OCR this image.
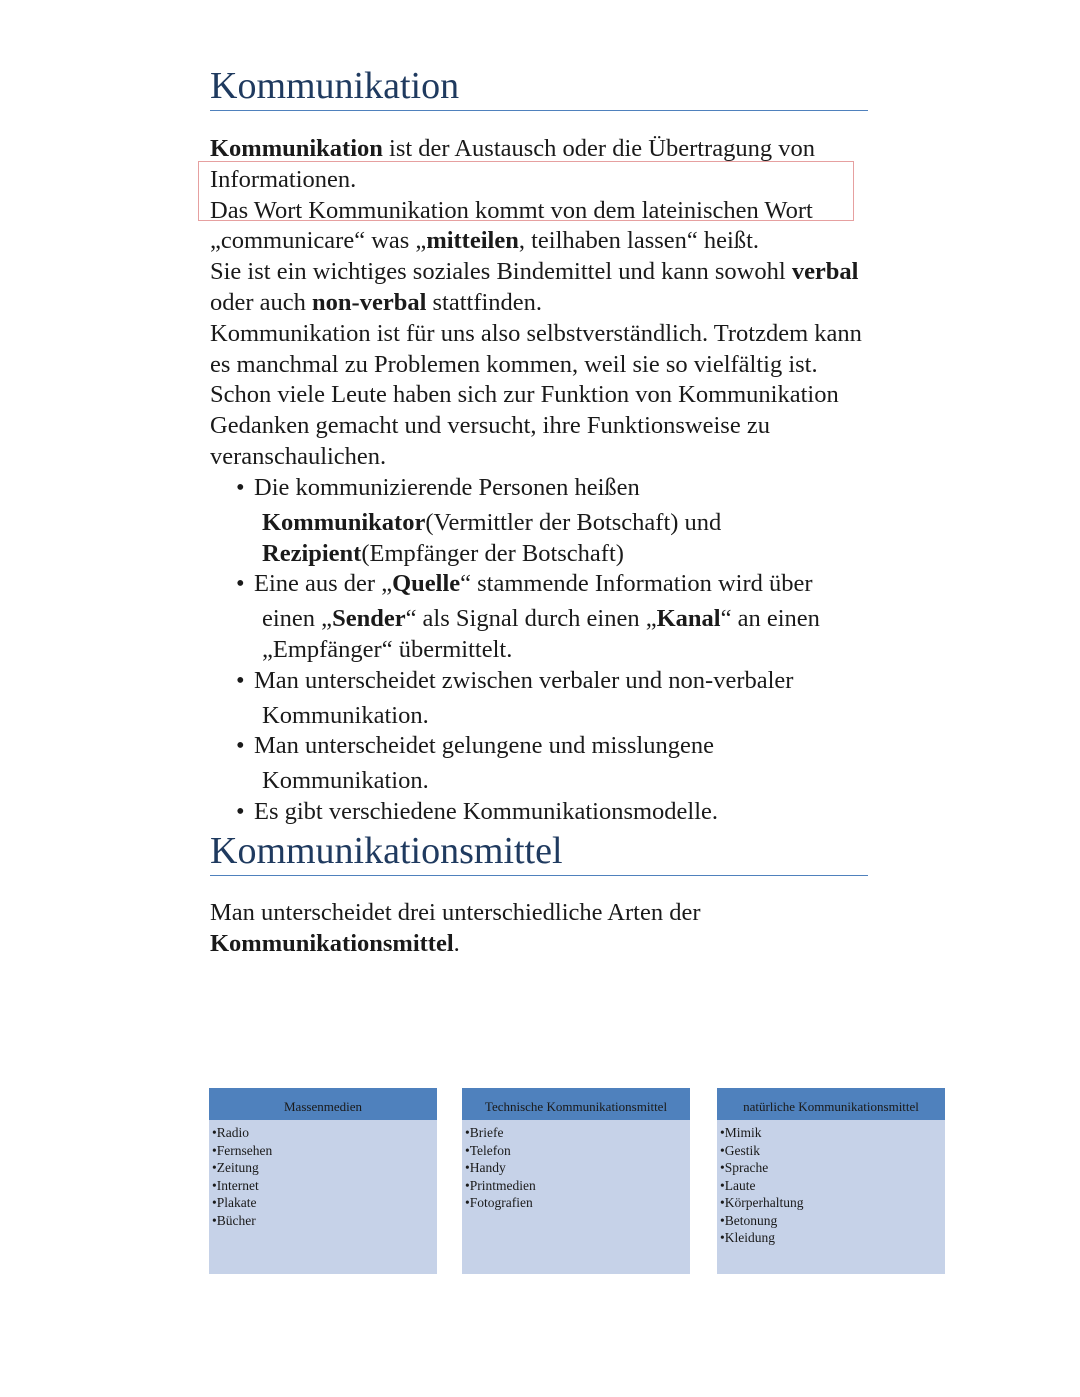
Kommunikation

Kommunikation ist der Austausch oder die Übertragung von Informationen.

Das Wort Kommunikation kommt von dem lateinischen Wort „communicare“ was „mitteilen, teilhaben lassen“ heißt.

Sie ist ein wichtiges soziales Bindemittel und kann sowohl verbal oder auch non-verbal stattfinden.

Kommunikation ist für uns also selbstverständlich. Trotzdem kann es manchmal zu Problemen kommen, weil sie so vielfältig ist. Schon viele Leute haben sich zur Funktion von Kommunikation Gedanken gemacht und versucht, ihre Funktionsweise zu veranschaulichen.

• Die kommunizierende Personen heißen
Kommunikator(Vermittler der Botschaft) und Rezipient(Empfänger der Botschaft)
• Eine aus der „Quelle“ stammende Information wird über
einen „Sender“ als Signal durch einen „Kanal“ an einen „Empfänger“ übermittelt.
• Man unterscheidet zwischen verbaler und non-verbaler
Kommunikation.
• Man unterscheidet gelungene und misslungene
Kommunikation.
• Es gibt verschiedene Kommunikationsmodelle.
Kommunikationsmittel

Man unterscheidet drei unterschiedliche Arten der Kommunikationsmittel.

Massenmedien
•Radio
•Fernsehen
•Zeitung
•Internet
•Plakate
•Bücher
Technische Kommunikationsmittel
•Briefe
•Telefon
•Handy
•Printmedien
•Fotografien
natürliche Kommunikationsmittel
•Mimik
•Gestik
•Sprache
•Laute
•Körperhaltung
•Betonung
•Kleidung
